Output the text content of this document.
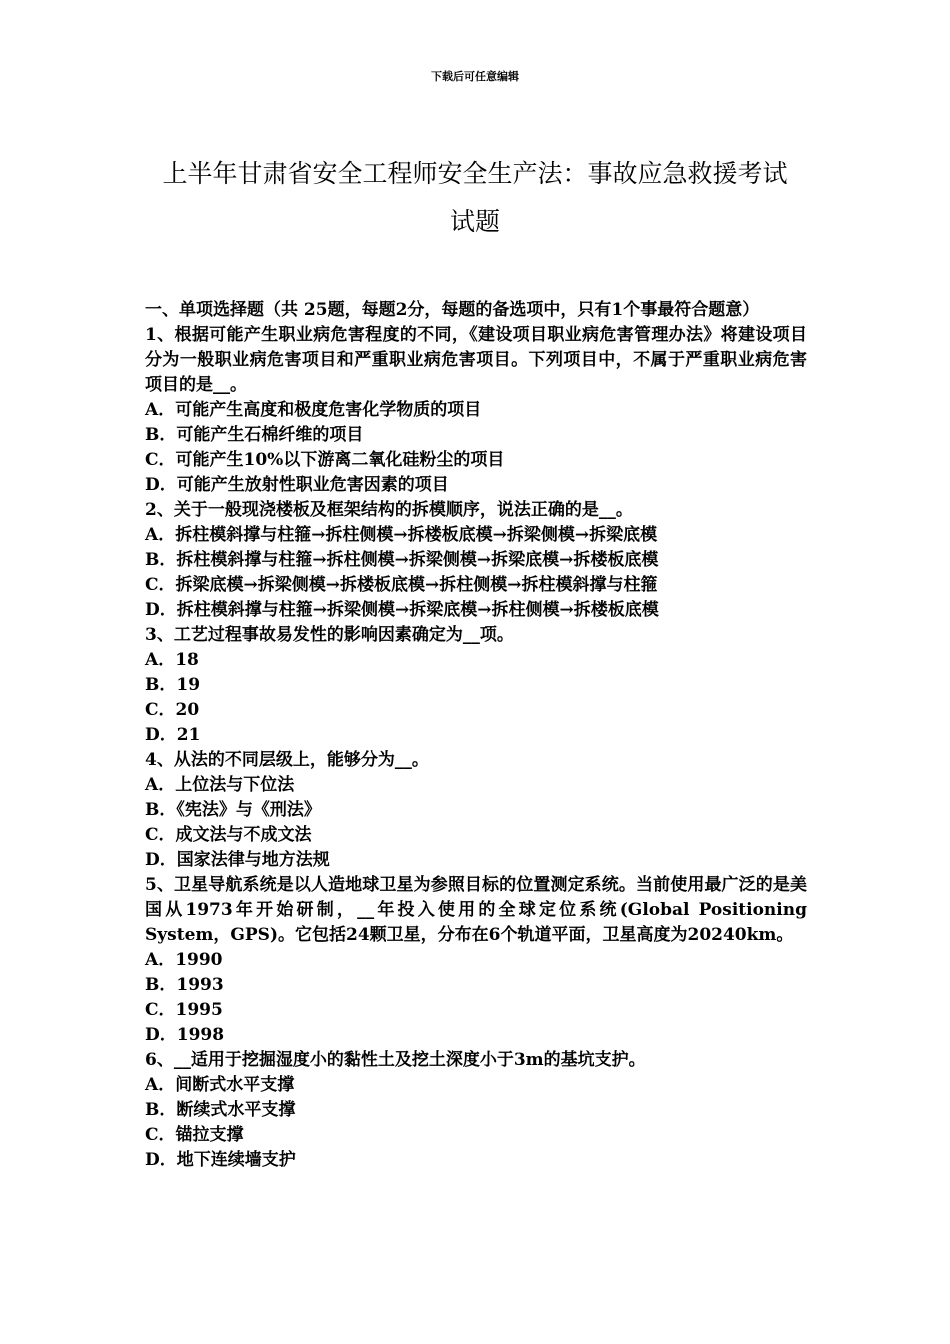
下载后可任意编辑
上半年甘肃省安全工程师安全生产法：事故应急救援考试
试题

一、单项选择题（共 25题，每题2分，每题的备选项中，只有1个事最符合题意）

1、根据可能产生职业病危害程度的不同，《建设项目职业病危害管理办法》将建设项目分为一般职业病危害项目和严重职业病危害项目。下列项目中，不属于严重职业病危害项目的是__。

A．可能产生高度和极度危害化学物质的项目

B．可能产生石棉纤维的项目

C．可能产生10%以下游离二氧化硅粉尘的项目

D．可能产生放射性职业危害因素的项目

2、关于一般现浇楼板及框架结构的拆模顺序，说法正确的是__。

A．拆柱模斜撑与柱箍→拆柱侧模→拆楼板底模→拆梁侧模→拆梁底模

B．拆柱模斜撑与柱箍→拆柱侧模→拆梁侧模→拆梁底模→拆楼板底模

C．拆梁底模→拆梁侧模→拆楼板底模→拆柱侧模→拆柱模斜撑与柱箍

D．拆柱模斜撑与柱箍→拆梁侧模→拆梁底模→拆柱侧模→拆楼板底模

3、工艺过程事故易发性的影响因素确定为__项。

A．18

B．19

C．20

D．21

4、从法的不同层级上，能够分为__。

A．上位法与下位法

B．《宪法》与《刑法》

C．成文法与不成文法

D．国家法律与地方法规

5、卫星导航系统是以人造地球卫星为参照目标的位置测定系统。当前使用最广泛的是美国从1973年开始研制，__年投入使用的全球定位系统(Global Positioning System，GPS)。它包括24颗卫星，分布在6个轨道平面，卫星高度为20240km。

A．1990

B．1993

C．1995

D．1998

6、__适用于挖掘湿度小的黏性土及挖土深度小于3m的基坑支护。

A．间断式水平支撑

B．断续式水平支撑

C．锚拉支撑

D．地下连续墙支护
